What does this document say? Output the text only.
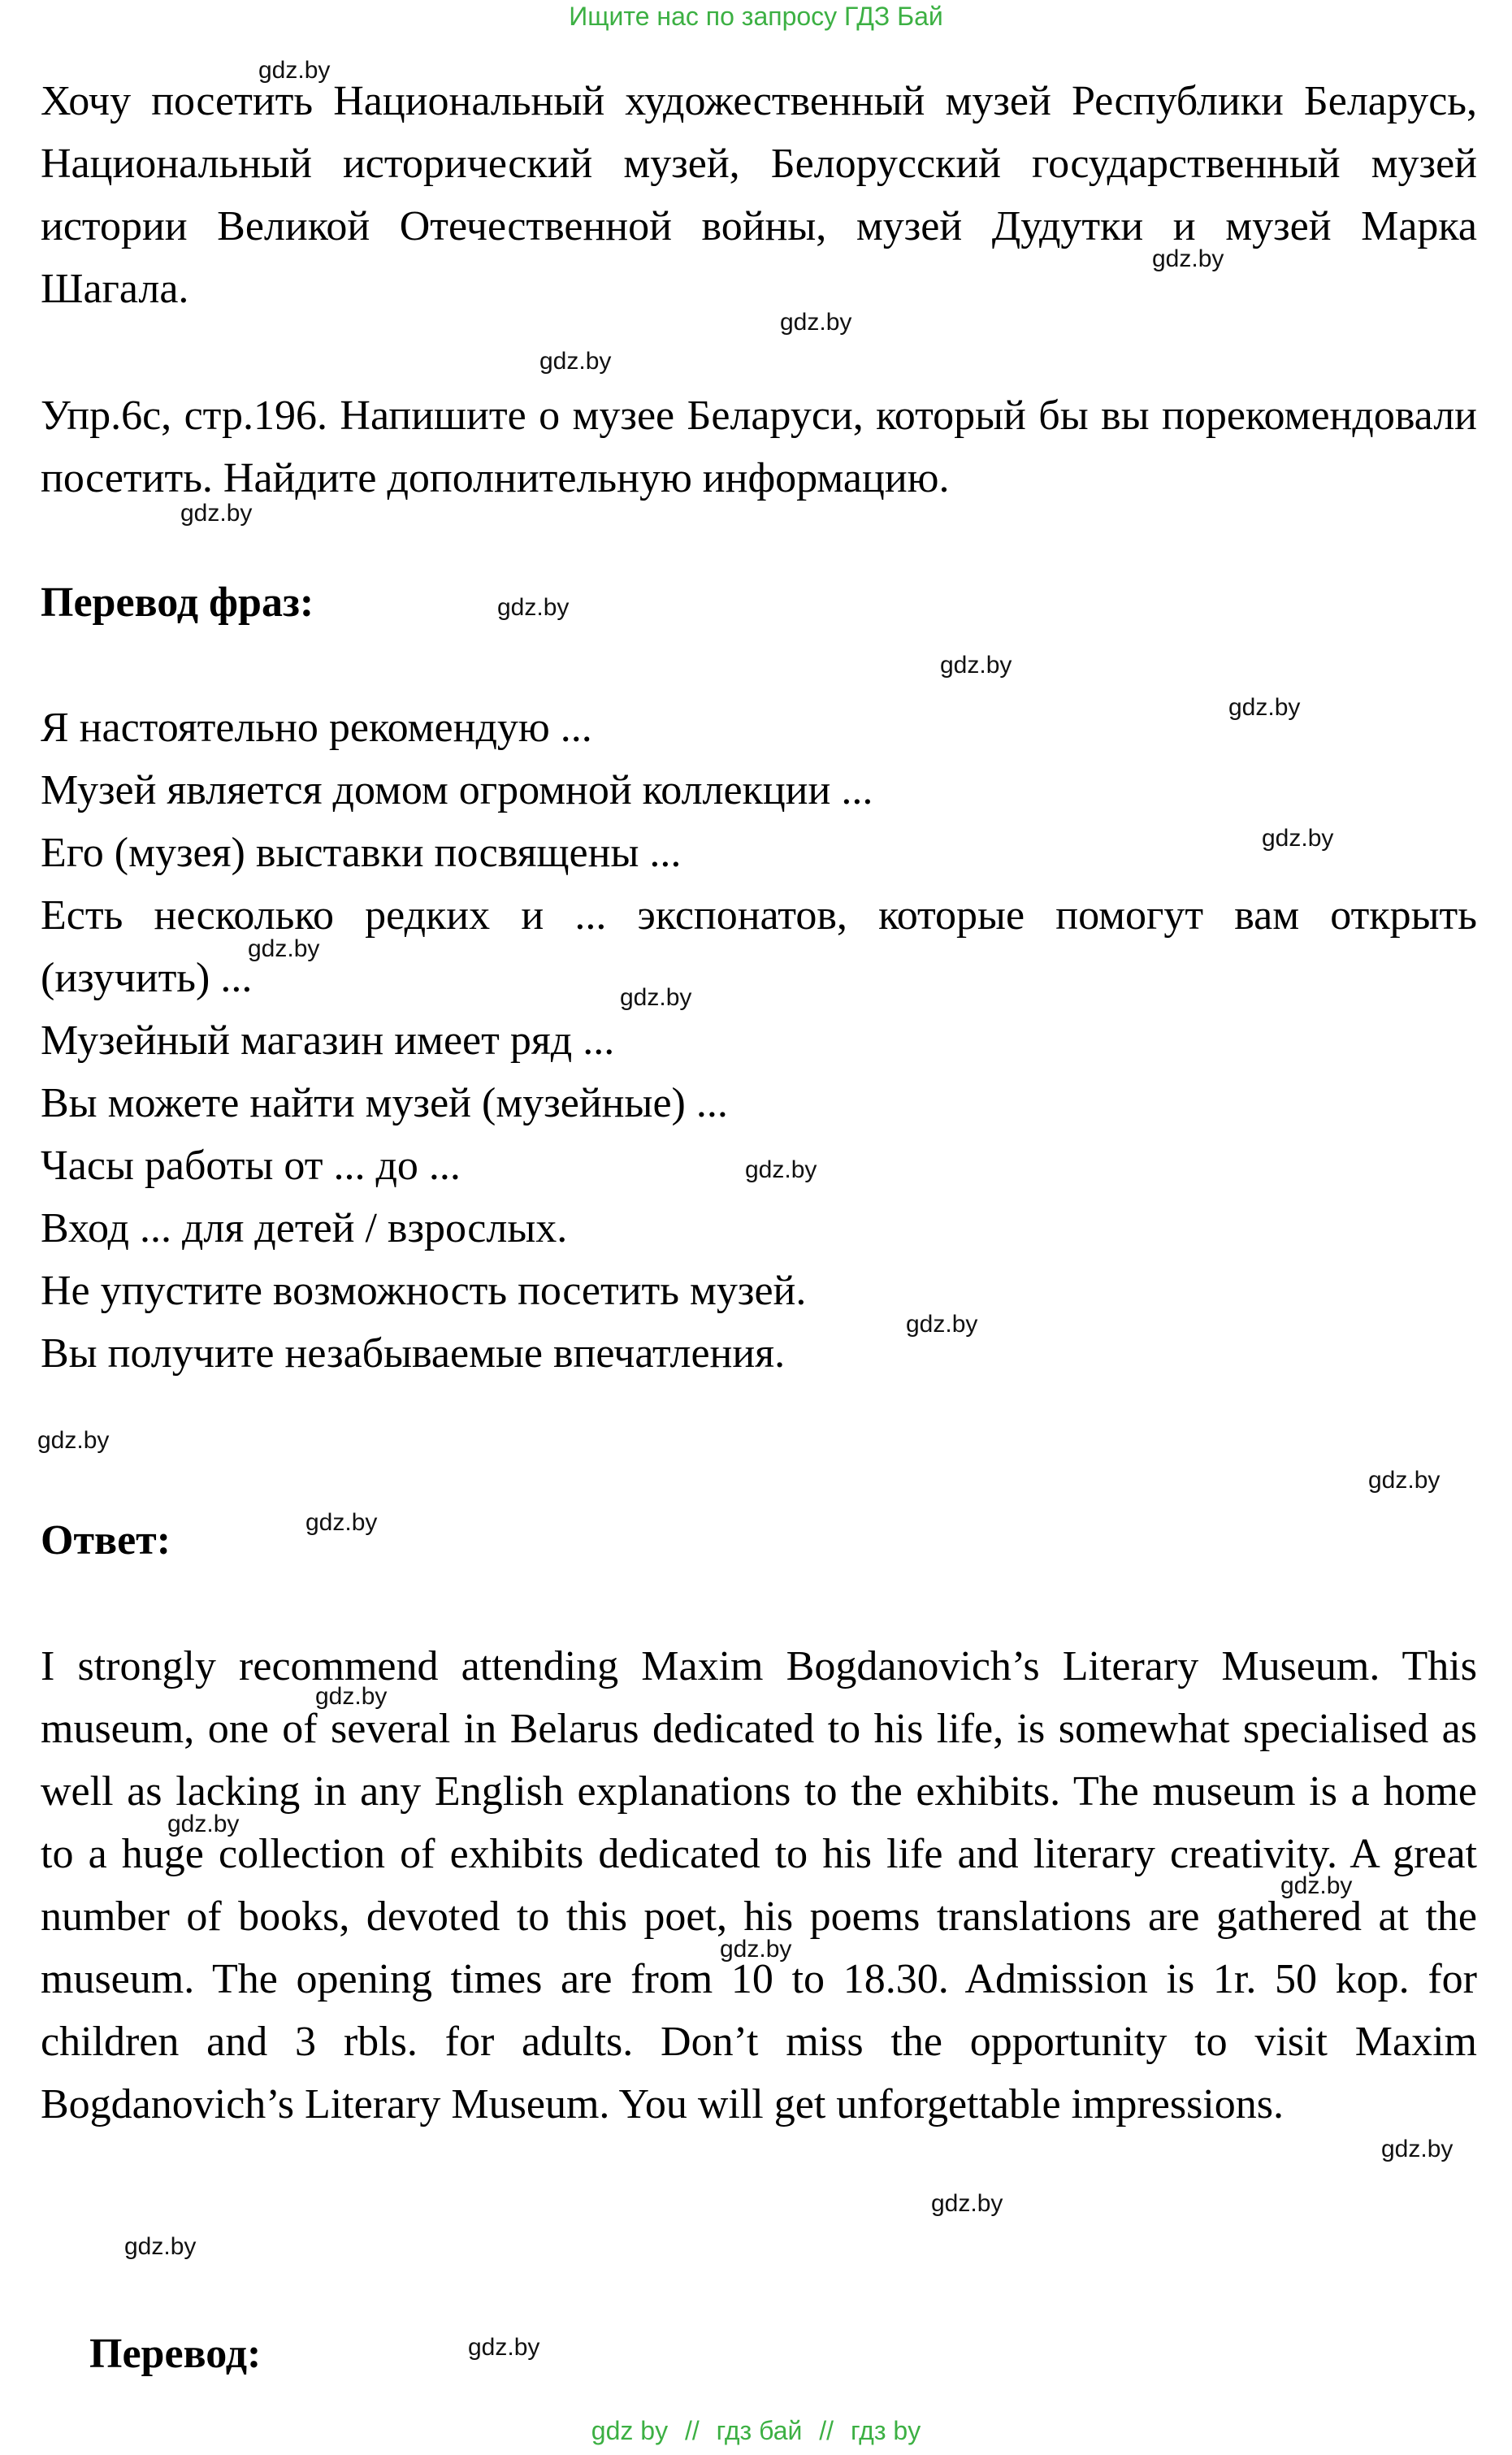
Ищите нас по запросу ГДЗ Бай
Хочу посетить Национальный художественный музей Республики Беларусь, Национальный исторический музей, Белорусский государственный музей истории Великой Отечественной войны, музей Дудутки и музей Марка Шагала.
Упр.6с, стр.196. Напишите о музее Беларуси, который бы вы порекомендовали посетить. Найдите дополнительную информацию.
Перевод фраз:
Я настоятельно рекомендую ...
Музей является домом огромной коллекции ...
Его (музея) выставки посвящены ...
Есть несколько редких и ... экспонатов, которые помогут вам открыть
(изучить) ...
Музейный магазин имеет ряд ...
Вы можете найти музей (музейные) ...
Часы работы от ... до ...
Вход ... для детей / взрослых.
Не упустите возможность посетить музей.
Вы получите незабываемые впечатления.
Ответ:
I strongly recommend attending Maxim Bogdanovich’s Literary Museum. This museum, one of several in Belarus dedicated to his life, is somewhat specialised as well as lacking in any English explanations to the exhibits. The museum is a home to a huge collection of exhibits dedicated to his life and literary creativity. A great number of books, devoted to this poet, his poems translations are gathered at the museum. The opening times are from 10 to 18.30. Admission is 1r. 50 kop. for children and 3 rbls. for adults. Don’t miss the opportunity to visit Maxim Bogdanovich’s Literary Museum. You will get unforgettable impressions.
Перевод:
gdz.by
gdz.by
gdz.by
gdz.by
gdz.by
gdz.by
gdz.by
gdz.by
gdz.by
gdz.by
gdz.by
gdz.by
gdz.by
gdz.by
gdz.by
gdz.by
gdz.by
gdz.by
gdz.by
gdz.by
gdz.by
gdz.by
gdz.by
gdz.by
gdz by // гдз бай // гдз by
